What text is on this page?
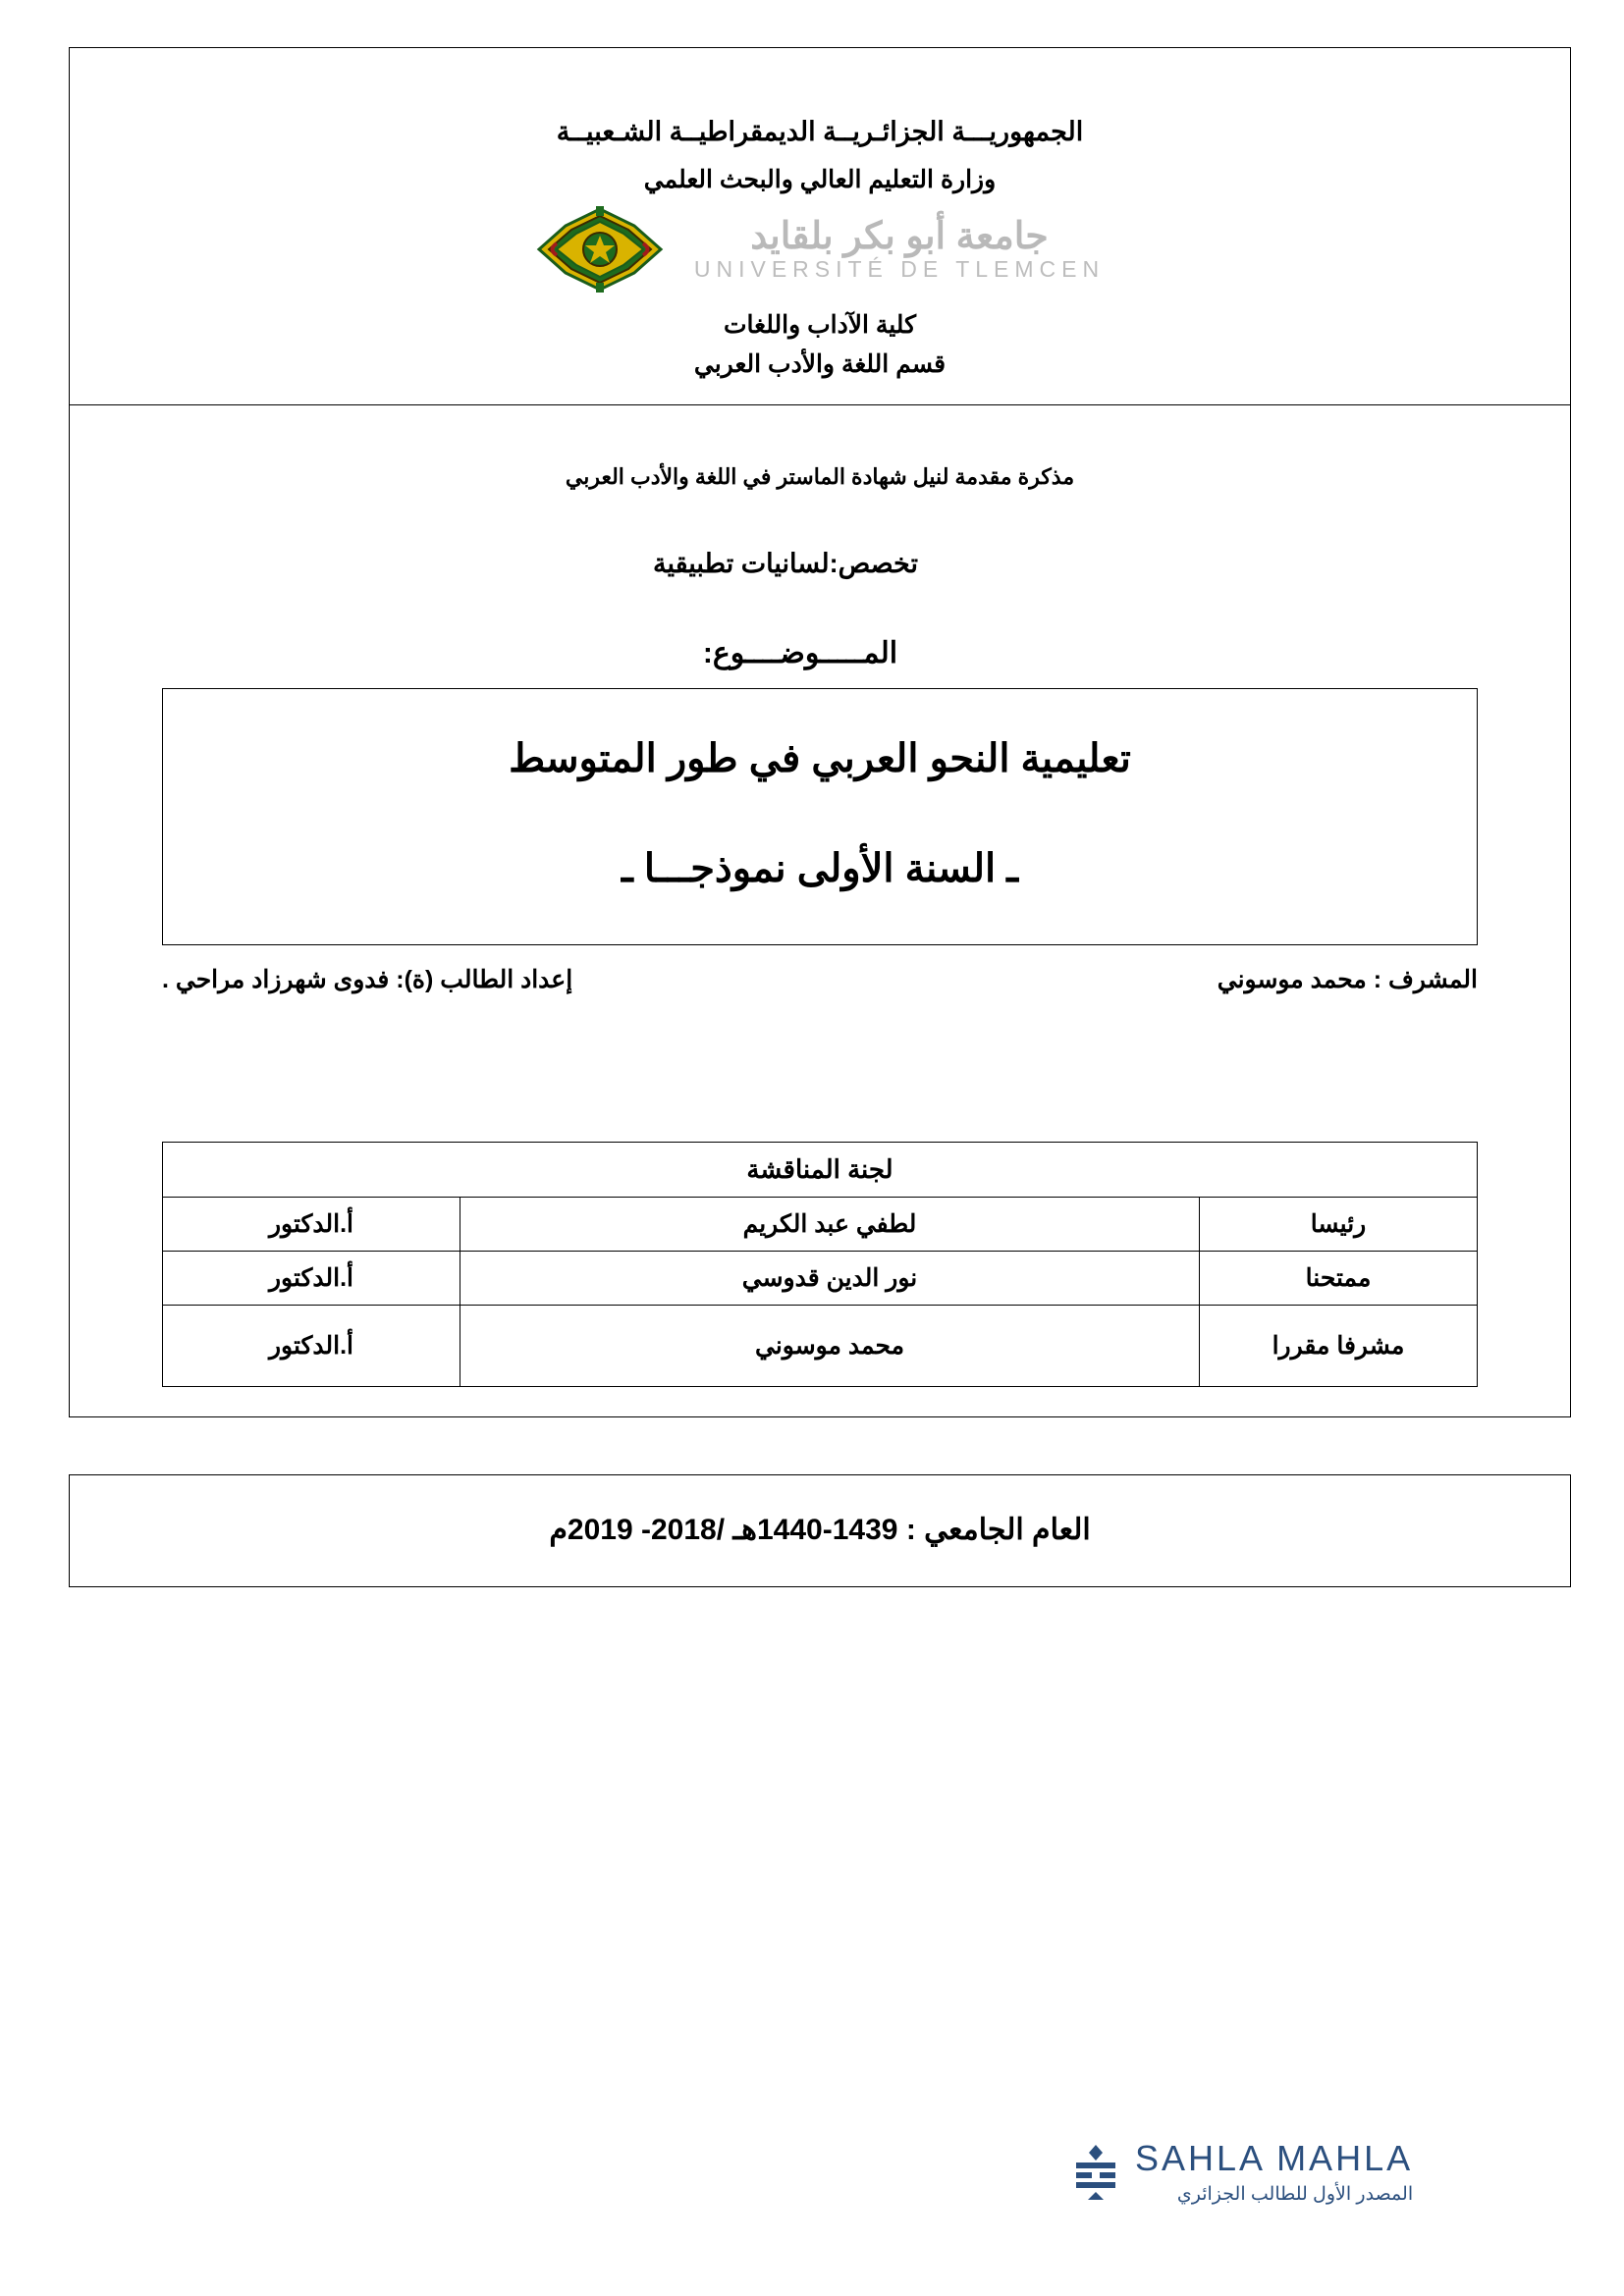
الجمهوريـــة الجزائـريــة الديمقراطيــة الشـعبيــة
وزارة التعليم العالي والبحث العلمي
جامعة أبو بكر بلقايد
UNIVERSITÉ DE TLEMCEN
كلية الآداب واللغات
قسم اللغة والأدب العربي
مذكرة مقدمة لنيل شهادة الماستر في اللغة والأدب العربي
تخصص:لسانيات تطبيقية
المـــــوضــــوع:
تعليمية النحو العربي في طور المتوسط
ـ السنة الأولى نموذجـــا ـ
المشرف : محمد موسوني
إعداد الطالب (ة): فدوى شهرزاد مراحي .
لجنة المناقشة		
رئيسا	لطفي عبد الكريم	أ.الدكتور
ممتحنا	نور الدين قدوسي	أ.الدكتور
مشرفا مقررا	محمد موسوني	أ.الدكتور
العام الجامعي : 1439-1440هـ /2018- 2019م
SAHLA MAHLA
المصدر الأول للطالب الجزائري
